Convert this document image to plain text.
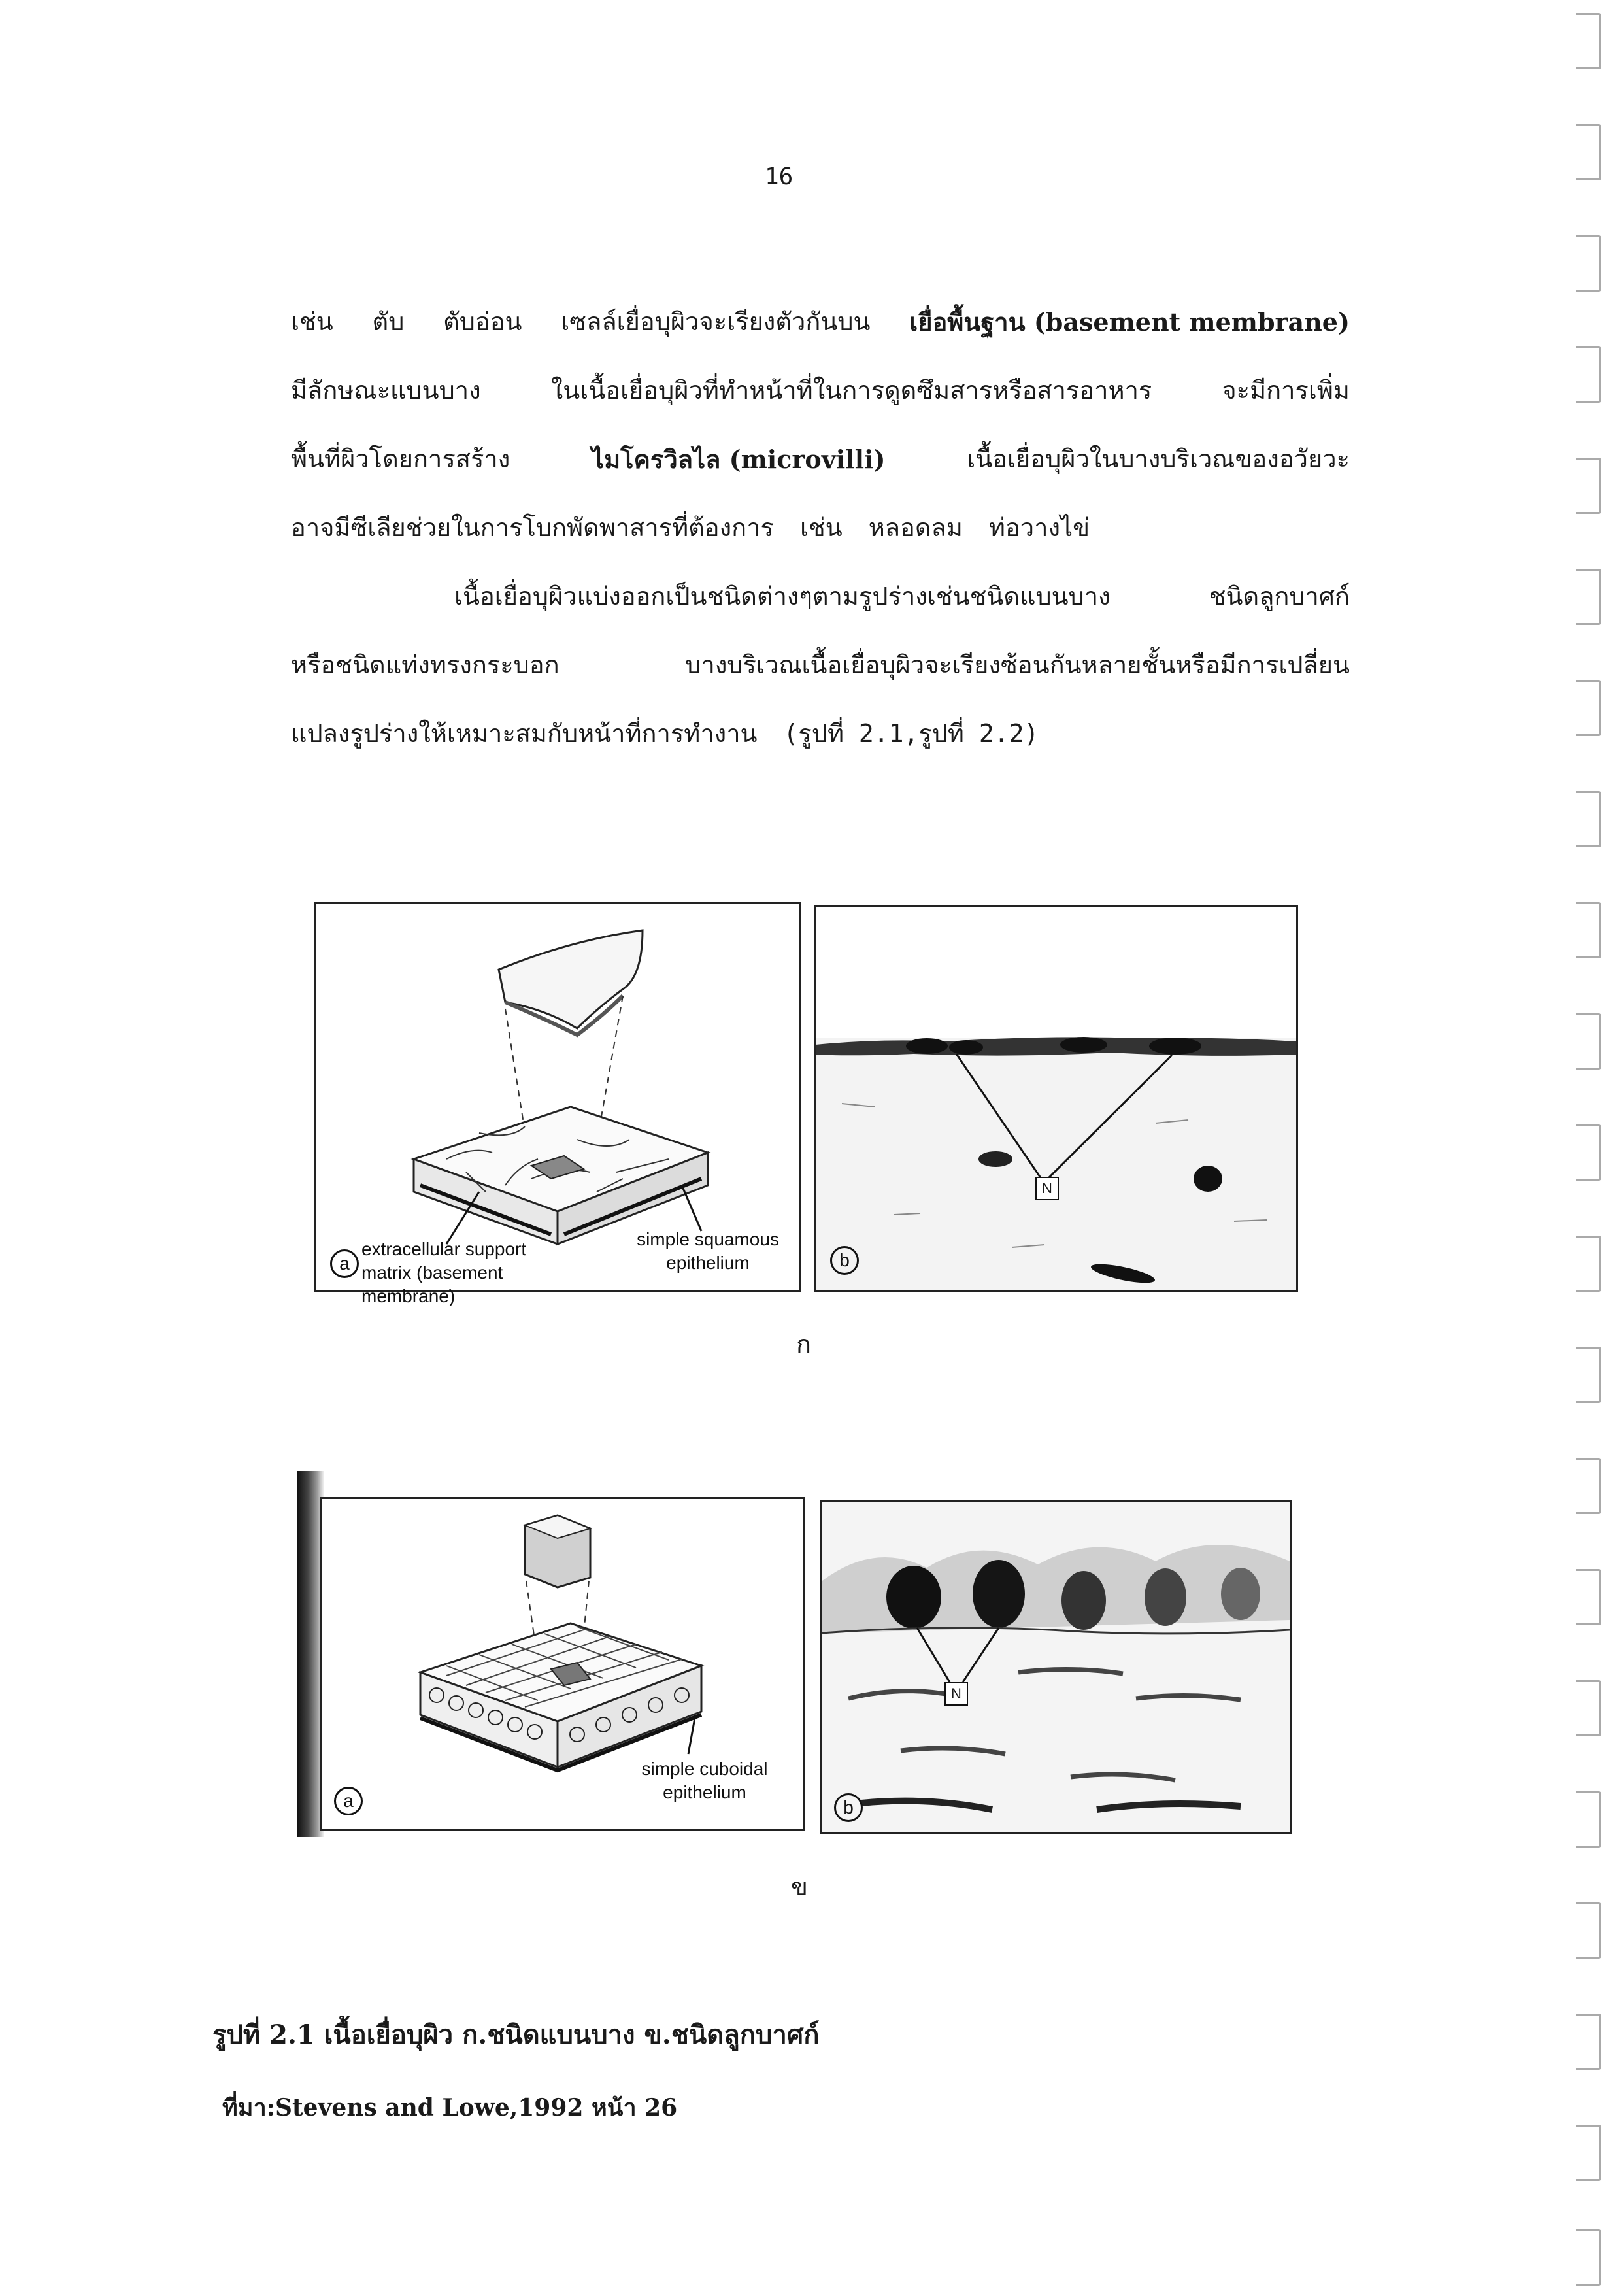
16
เช่น ตับ ตับอ่อน เซลล์เยื่อบุผิวจะเรียงตัวกันบน เยื่อพื้นฐาน (basement membrane)
มีลักษณะแบนบาง	ในเนื้อเยื่อบุผิวที่ทำหน้าที่ในการดูดซึมสารหรือสารอาหาร	จะมีการเพิ่ม
พื้นที่ผิวโดยการสร้าง	ไมโครวิลไล (microvilli)	เนื้อเยื่อบุผิวในบางบริเวณของอวัยวะ
อาจมีซีเลียช่วยในการโบกพัดพาสารที่ต้องการ เช่น หลอดลม ท่อวางไข่
เนื้อเยื่อบุผิวแบ่งออกเป็นชนิดต่างๆตามรูปร่างเช่นชนิดแบนบาง	ชนิดลูกบาศก์
หรือชนิดแท่งทรงกระบอก	บางบริเวณเนื้อเยื่อบุผิวจะเรียงซ้อนกันหลายชั้นหรือมีการเปลี่ยน
แปลงรูปร่างให้เหมาะสมกับหน้าที่การทำงาน (รูปที่ 2.1,รูปที่ 2.2)
a
extracellular support matrix (basement membrane)
simple squamous epithelium
N
b
ก
a
simple cuboidal epithelium
N
b
ข
รูปที่ 2.1 เนื้อเยื่อบุผิว ก.ชนิดแบนบาง ข.ชนิดลูกบาศก์
ที่มา:Stevens and Lowe,1992 หน้า 26
